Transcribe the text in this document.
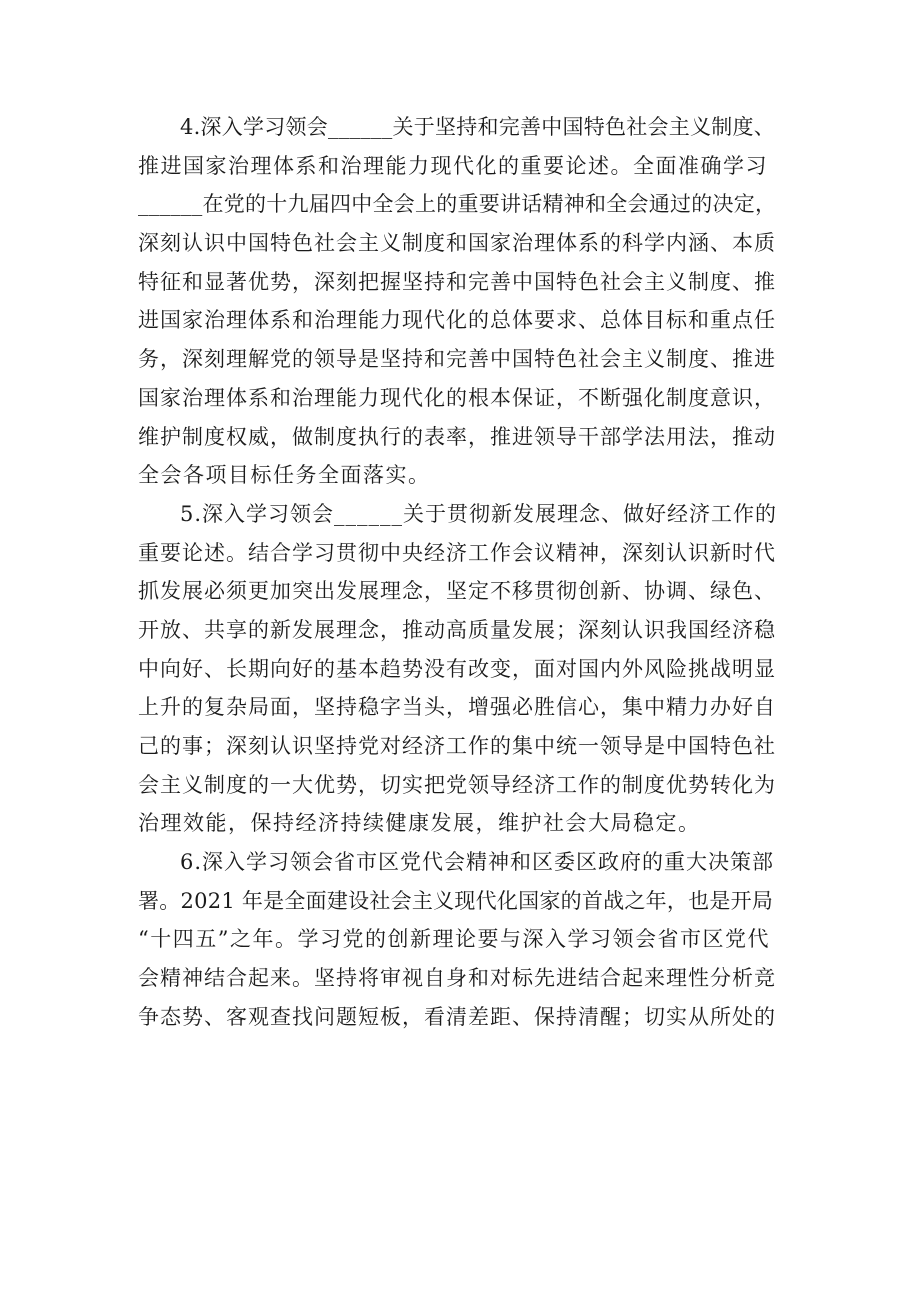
4.深入学习领会______关于坚持和完善中国特色社会主义制度、
推进国家治理体系和治理能力现代化的重要论述。全面准确学习
______在党的十九届四中全会上的重要讲话精神和全会通过的决定，
深刻认识中国特色社会主义制度和国家治理体系的科学内涵、本质
特征和显著优势，深刻把握坚持和完善中国特色社会主义制度、推
进国家治理体系和治理能力现代化的总体要求、总体目标和重点任
务，深刻理解党的领导是坚持和完善中国特色社会主义制度、推进
国家治理体系和治理能力现代化的根本保证，不断强化制度意识，
维护制度权威，做制度执行的表率，推进领导干部学法用法，推动
全会各项目标任务全面落实。
5.深入学习领会______关于贯彻新发展理念、做好经济工作的
重要论述。结合学习贯彻中央经济工作会议精神，深刻认识新时代
抓发展必须更加突出发展理念，坚定不移贯彻创新、协调、绿色、
开放、共享的新发展理念，推动高质量发展；深刻认识我国经济稳
中向好、长期向好的基本趋势没有改变，面对国内外风险挑战明显
上升的复杂局面，坚持稳字当头，增强必胜信心，集中精力办好自
己的事；深刻认识坚持党对经济工作的集中统一领导是中国特色社
会主义制度的一大优势，切实把党领导经济工作的制度优势转化为
治理效能，保持经济持续健康发展，维护社会大局稳定。
6.深入学习领会省市区党代会精神和区委区政府的重大决策部
署。2021 年是全面建设社会主义现代化国家的首战之年，也是开局
“十四五”之年。学习党的创新理论要与深入学习领会省市区党代
会精神结合起来。坚持将审视自身和对标先进结合起来理性分析竞
争态势、客观查找问题短板，看清差距、保持清醒；切实从所处的
